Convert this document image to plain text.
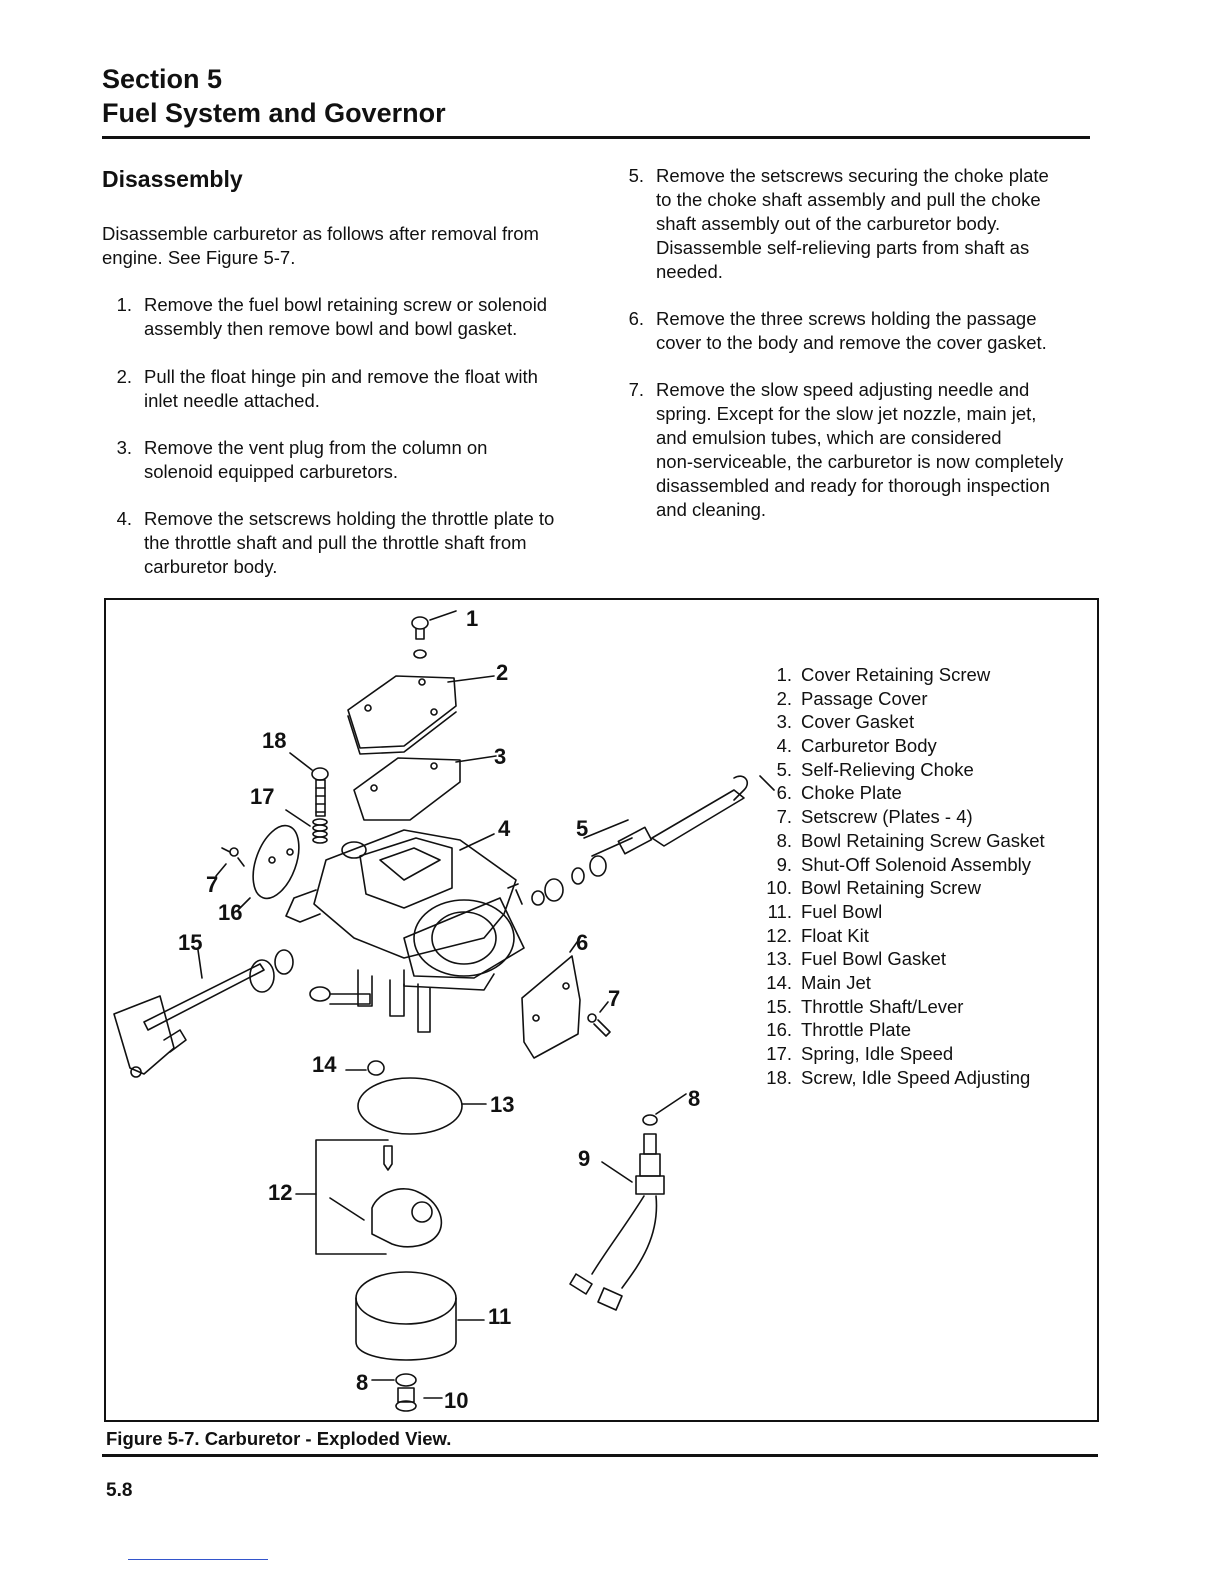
Section 5
Fuel System and Governor
Disassembly
Disassemble carburetor as follows after removal from
engine. See Figure 5-7.
1. Remove the fuel bowl retaining screw or solenoid
assembly then remove bowl and bowl gasket.
2. Pull the float hinge pin and remove the float with
inlet needle attached.
3. Remove the vent plug from the column on
solenoid equipped carburetors.
4. Remove the setscrews holding the throttle plate to
the throttle shaft and pull the throttle shaft from
carburetor body.
5. Remove the setscrews securing the choke plate
to the choke shaft assembly and pull the choke
shaft assembly out of the carburetor body.
Disassemble self-relieving parts from shaft as
needed.
6. Remove the three screws holding the passage
cover to the body and remove the cover gasket.
7. Remove the slow speed adjusting needle and
spring. Except for the slow jet nozzle, main jet,
and emulsion tubes, which are considered
non-serviceable, the carburetor is now completely
disassembled and ready for thorough inspection
and cleaning.
1
2
3
4	5
6
7
7
8
8
9
10
11
12
13
14
15
16
17
18
1. Cover Retaining Screw
2. Passage Cover
3. Cover Gasket
4. Carburetor Body
5. Self-Relieving Choke
6. Choke Plate
7. Setscrew (Plates - 4)
8. Bowl Retaining Screw Gasket
9. Shut-Off Solenoid Assembly
10. Bowl Retaining Screw
11. Fuel Bowl
12. Float Kit
13. Fuel Bowl Gasket
14. Main Jet
15. Throttle Shaft/Lever
16. Throttle Plate
17. Spring, Idle Speed
18. Screw, Idle Speed Adjusting
Figure 5-7. Carburetor - Exploded View.
5.8
